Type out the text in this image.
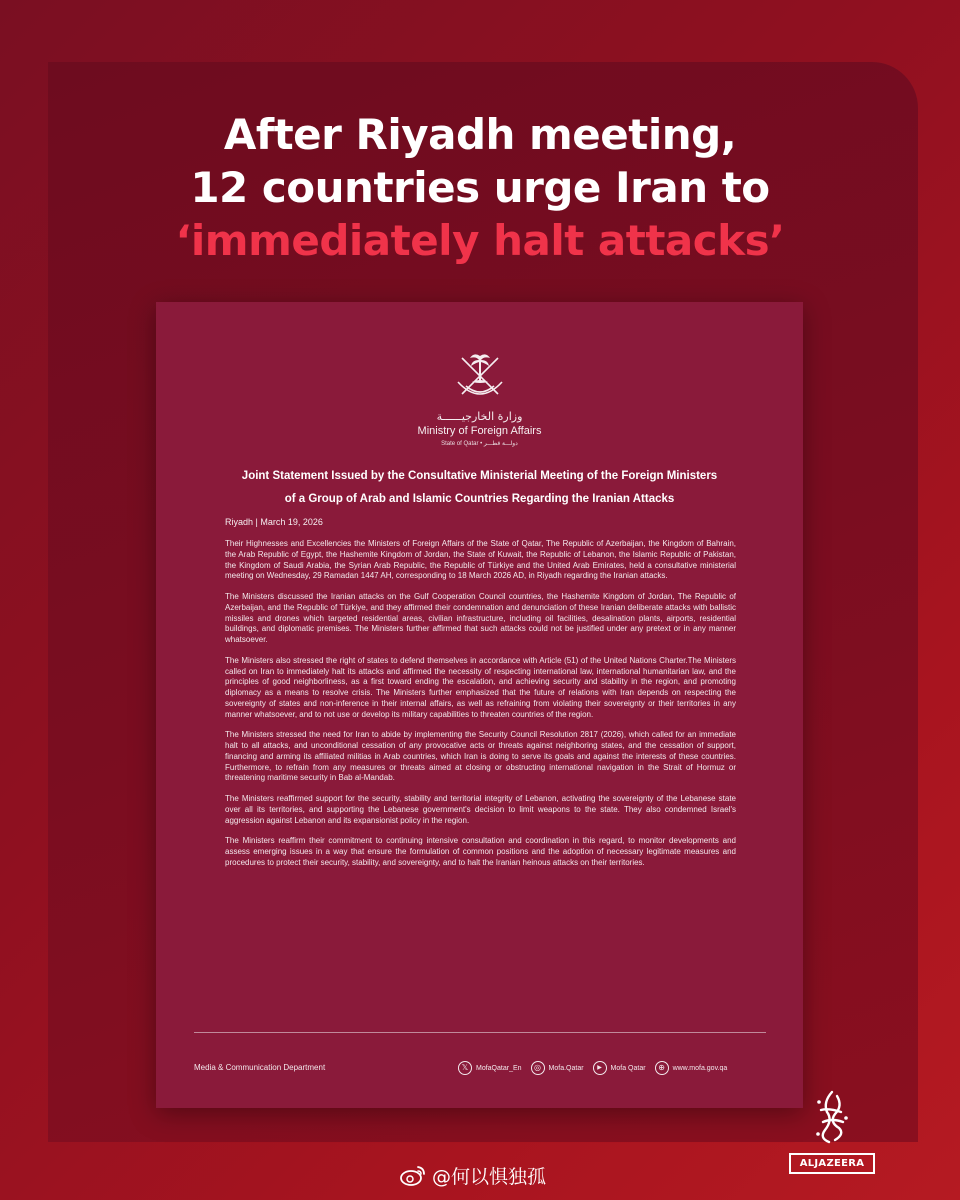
After Riyadh meeting,
12 countries urge Iran to
‘immediately halt attacks’
وزارة الخارجيــــــة
Ministry of Foreign Affairs
State of Qatar • دولـــة قطـــر
Joint Statement Issued by the Consultative Ministerial Meeting of the Foreign Ministers
of a Group of Arab and Islamic Countries Regarding the Iranian Attacks
Riyadh | March 19, 2026

Their Highnesses and Excellencies the Ministers of Foreign Affairs of the State of Qatar, The Republic of Azerbaijan, the Kingdom of Bahrain, the Arab Republic of Egypt, the Hashemite Kingdom of Jordan, the State of Kuwait, the Republic of Lebanon, the Islamic Republic of Pakistan, the Kingdom of Saudi Arabia, the Syrian Arab Republic, the Republic of Türkiye and the United Arab Emirates, held a consultative ministerial meeting on Wednesday, 29 Ramadan 1447 AH, corresponding to 18 March 2026 AD, in Riyadh regarding the Iranian attacks.

The Ministers discussed the Iranian attacks on the Gulf Cooperation Council countries, the Hashemite Kingdom of Jordan, The Republic of Azerbaijan, and the Republic of Türkiye, and they affirmed their condemnation and denunciation of these Iranian deliberate attacks with ballistic missiles and drones which targeted residential areas, civilian infrastructure, including oil facilities, desalination plants, airports, residential buildings, and diplomatic premises. The Ministers further affirmed that such attacks could not be justified under any pretext or in any manner whatsoever.

The Ministers also stressed the right of states to defend themselves in accordance with Article (51) of the United Nations Charter.The Ministers called on Iran to immediately halt its attacks and affirmed the necessity of respecting international law, international humanitarian law, and the principles of good neighborliness, as a first toward ending the escalation, and achieving security and stability in the region, and promoting diplomacy as a means to resolve crisis. The Ministers further emphasized that the future of relations with Iran depends on respecting the sovereignty of states and non-inference in their internal affairs, as well as refraining from violating their sovereignty or their territories in any manner whatsoever, and to not use or develop its military capabilities to threaten countries of the region.

The Ministers stressed the need for Iran to abide by implementing the Security Council Resolution 2817 (2026), which called for an immediate halt to all attacks, and unconditional cessation of any provocative acts or threats against neighboring states, and the cessation of support, financing and arming its affiliated militias in Arab countries, which Iran is doing to serve its goals and against the interests of these countries. Furthermore, to refrain from any measures or threats aimed at closing or obstructing international navigation in the Strait of Hormuz or threatening maritime security in Bab al-Mandab.

The Ministers reaffirmed support for the security, stability and territorial integrity of Lebanon, activating the sovereignty of the Lebanese state over all its territories, and supporting the Lebanese government's decision to limit weapons to the state. They also condemned Israel's aggression against Lebanon and its expansionist policy in the region.

The Ministers reaffirm their commitment to continuing intensive consultation and coordination in this regard, to monitor developments and assess emerging issues in a way that ensure the formulation of common positions and the adoption of necessary legitimate measures and procedures to protect their security, stability, and sovereignty, and to halt the Iranian heinous attacks on their territories.

Media & Communication Department	𝕏	MofaQatar_En	◎	Mofa.Qatar	▶	Mofa Qatar	⊕	www.mofa.gov.qa
ALJAZEERA
@何以惧独孤
